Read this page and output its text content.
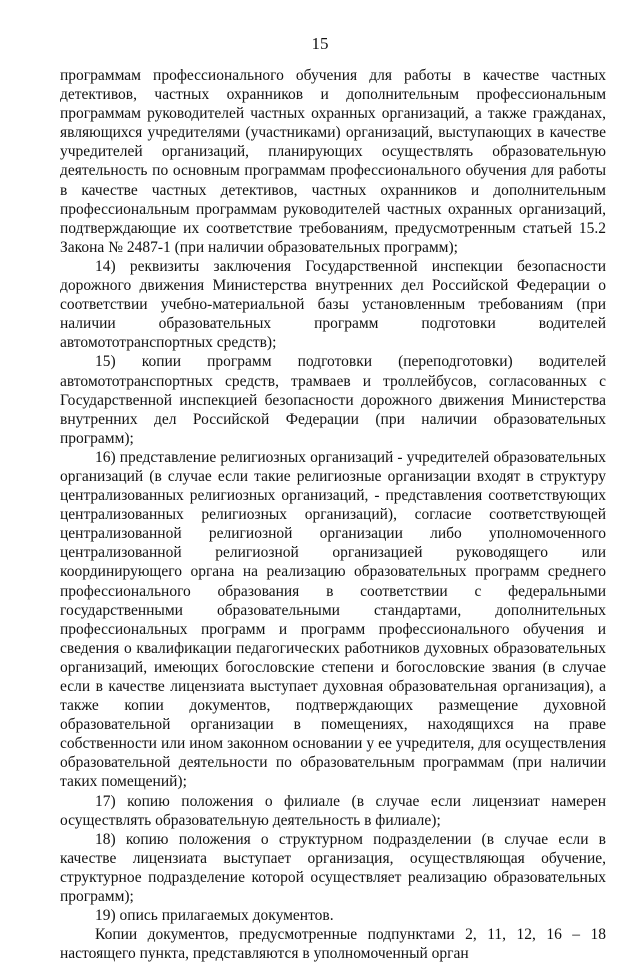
15

программам профессионального обучения для работы в качестве частных детективов, частных охранников и дополнительным профессиональным программам руководителей частных охранных организаций, а также гражданах, являющихся учредителями (участниками) организаций, выступающих в качестве учредителей организаций, планирующих осуществлять образовательную деятельность по основным программам профессионального обучения для работы в качестве частных детективов, частных охранников и дополнительным профессиональным программам руководителей частных охранных организаций, подтверждающие их соответствие требованиям, предусмотренным статьей 15.2 Закона № 2487-1 (при наличии образовательных программ);

14) реквизиты заключения Государственной инспекции безопасности дорожного движения Министерства внутренних дел Российской Федерации о соответствии учебно-материальной базы установленным требованиям (при наличии образовательных программ подготовки водителей автомототранспортных средств);

15) копии программ подготовки (переподготовки) водителей автомототранспортных средств, трамваев и троллейбусов, согласованных с Государственной инспекцией безопасности дорожного движения Министерства внутренних дел Российской Федерации (при наличии образовательных программ);

16) представление религиозных организаций - учредителей образовательных организаций (в случае если такие религиозные организации входят в структуру централизованных религиозных организаций, - представления соответствующих централизованных религиозных организаций), согласие соответствующей централизованной религиозной организации либо уполномоченного централизованной религиозной организацией руководящего или координирующего органа на реализацию образовательных программ среднего профессионального образования в соответствии с федеральными государственными образовательными стандартами, дополнительных профессиональных программ и программ профессионального обучения и сведения о квалификации педагогических работников духовных образовательных организаций, имеющих богословские степени и богословские звания (в случае если в качестве лицензиата выступает духовная образовательная организация), а также копии документов, подтверждающих размещение духовной образовательной организации в помещениях, находящихся на праве собственности или ином законном основании у ее учредителя, для осуществления образовательной деятельности по образовательным программам (при наличии таких помещений);

17) копию положения о филиале (в случае если лицензиат намерен осуществлять образовательную деятельность в филиале);

18) копию положения о структурном подразделении (в случае если в качестве лицензиата выступает организация, осуществляющая обучение, структурное подразделение которой осуществляет реализацию образовательных программ);

19) опись прилагаемых документов.

Копии документов, предусмотренные подпунктами 2, 11, 12, 16 – 18 настоящего пункта, представляются в уполномоченный орган
